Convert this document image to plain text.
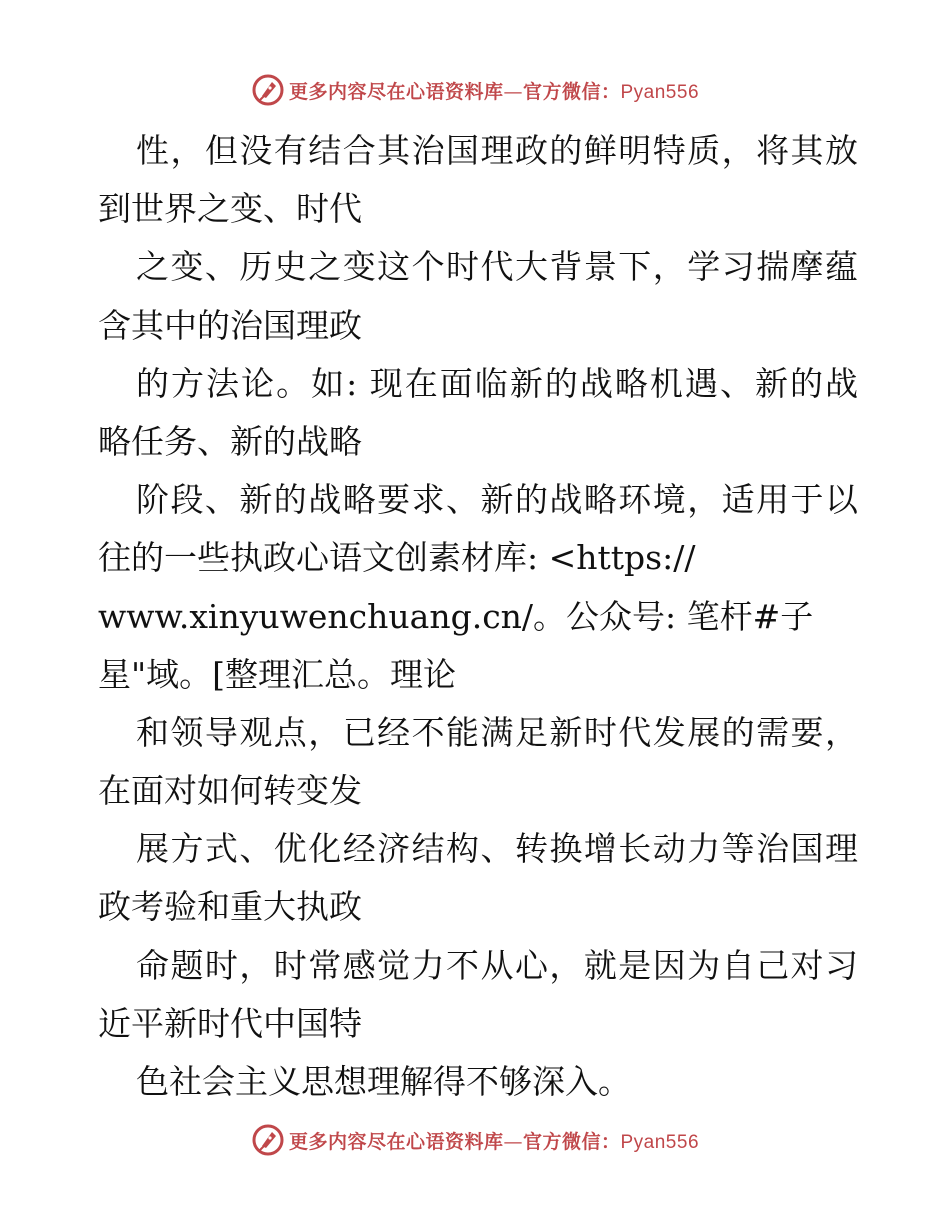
更多内容尽在心语资料库—官方微信：Pyan556
性，但没有结合其治国理政的鲜明特质，将其放
到世界之变、时代
之变、历史之变这个时代大背景下，学习揣摩蕴
含其中的治国理政
的方法论。如: 现在面临新的战略机遇、新的战
略任务、新的战略
阶段、新的战略要求、新的战略环境，适用于以
往的一些执政心语文创素材库: <https://
www.xinyuwenchuang.cn/。公众号: 笔杆#子
星"域。[整理汇总。理论
和领导观点，已经不能满足新时代发展的需要，
在面对如何转变发
展方式、优化经济结构、转换增长动力等治国理
政考验和重大执政
命题时，时常感觉力不从心，就是因为自己对习
近平新时代中国特
色社会主义思想理解得不够深入。
更多内容尽在心语资料库—官方微信：Pyan556
